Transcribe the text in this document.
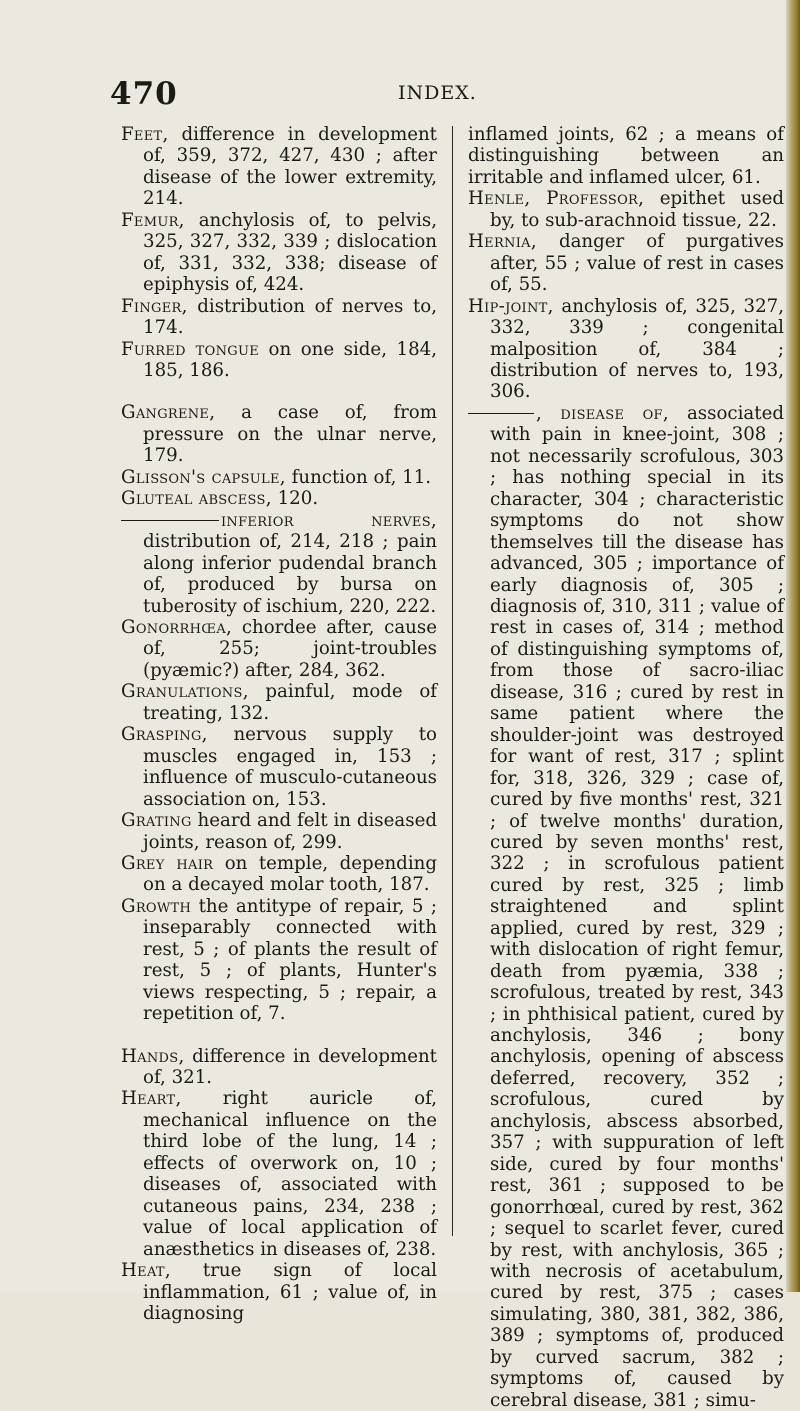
470	INDEX.

Feet, difference in development of, 359, 372, 427, 430 ; after disease of the lower extremity, 214.

Femur, anchylosis of, to pelvis, 325, 327, 332, 339 ; dislocation of, 331, 332, 338; disease of epiphysis of, 424.

Finger, distribution of nerves to, 174.

Furred tongue on one side, 184, 185, 186.

Gangrene, a case of, from pressure on the ulnar nerve, 179.

Glisson's capsule, function of, 11.

Gluteal abscess, 120.

inferior nerves, distribution of, 214, 218 ; pain along inferior pudendal branch of, produced by bursa on tuberosity of ischium, 220, 222.

Gonorrhœa, chordee after, cause of, 255; joint-troubles (pyæmic?) after, 284, 362.

Granulations, painful, mode of treating, 132.

Grasping, nervous supply to muscles engaged in, 153 ; influence of musculo-cutaneous association on, 153.

Grating heard and felt in diseased joints, reason of, 299.

Grey hair on temple, depending on a decayed molar tooth, 187.

Growth the antitype of repair, 5 ; inseparably connected with rest, 5 ; of plants the result of rest, 5 ; of plants, Hunter's views respecting, 5 ; repair, a repetition of, 7.

Hands, difference in development of, 321.

Heart, right auricle of, mechanical influence on the third lobe of the lung, 14 ; effects of overwork on, 10 ; diseases of, associated with cutaneous pains, 234, 238 ; value of local application of anæsthetics in diseases of, 238.

Heat, true sign of local inflammation, 61 ; value of, in diagnosing

inflamed joints, 62 ; a means of distinguishing between an irritable and inflamed ulcer, 61.

Henle, Professor, epithet used by, to sub-arachnoid tissue, 22.

Hernia, danger of purgatives after, 55 ; value of rest in cases of, 55.

Hip-joint, anchylosis of, 325, 327, 332, 339 ; congenital malposition of, 384 ; distribution of nerves to, 193, 306.

, disease of, associated with pain in knee-joint, 308 ; not necessarily scrofulous, 303 ; has nothing special in its character, 304 ; characteristic symptoms do not show themselves till the disease has advanced, 305 ; importance of early diagnosis of, 305 ; diagnosis of, 310, 311 ; value of rest in cases of, 314 ; method of distinguishing symptoms of, from those of sacro-iliac disease, 316 ; cured by rest in same patient where the shoulder-joint was destroyed for want of rest, 317 ; splint for, 318, 326, 329 ; case of, cured by five months' rest, 321 ; of twelve months' duration, cured by seven months' rest, 322 ; in scrofulous patient cured by rest, 325 ; limb straightened and splint applied, cured by rest, 329 ; with dislocation of right femur, death from pyæmia, 338 ; scrofulous, treated by rest, 343 ; in phthisical patient, cured by anchylosis, 346 ; bony anchylosis, opening of abscess deferred, recovery, 352 ; scrofulous, cured by anchylosis, abscess absorbed, 357 ; with suppuration of left side, cured by four months' rest, 361 ; supposed to be gonorrhœal, cured by rest, 362 ; sequel to scarlet fever, cured by rest, with anchylosis, 365 ; with necrosis of acetabulum, cured by rest, 375 ; cases simulating, 380, 381, 382, 386, 389 ; symptoms of, produced by curved sacrum, 382 ; symptoms of, caused by cerebral disease, 381 ; simu-
